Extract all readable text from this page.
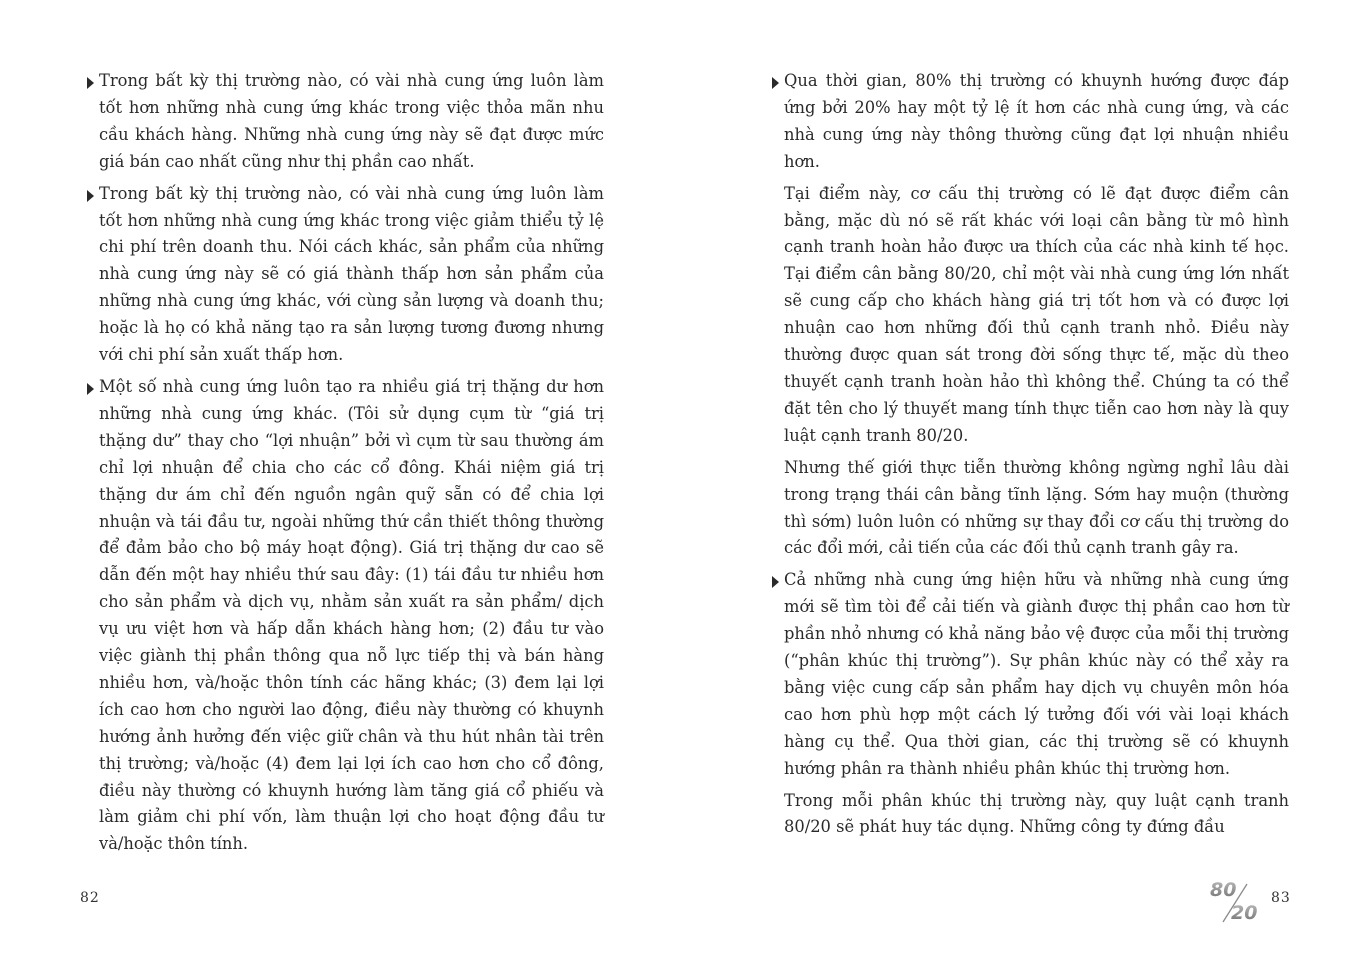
Trong bất kỳ thị trường nào, có vài nhà cung ứng luôn làm tốt hơn những nhà cung ứng khác trong việc thỏa mãn nhu cầu khách hàng. Những nhà cung ứng này sẽ đạt được mức giá bán cao nhất cũng như thị phần cao nhất.

Trong bất kỳ thị trường nào, có vài nhà cung ứng luôn làm tốt hơn những nhà cung ứng khác trong việc giảm thiểu tỷ lệ chi phí trên doanh thu. Nói cách khác, sản phẩm của những nhà cung ứng này sẽ có giá thành thấp hơn sản phẩm của những nhà cung ứng khác, với cùng sản lượng và doanh thu; hoặc là họ có khả năng tạo ra sản lượng tương đương nhưng với chi phí sản xuất thấp hơn.

Một số nhà cung ứng luôn tạo ra nhiều giá trị thặng dư hơn những nhà cung ứng khác. (Tôi sử dụng cụm từ “giá trị thặng dư” thay cho “lợi nhuận” bởi vì cụm từ sau thường ám chỉ lợi nhuận để chia cho các cổ đông. Khái niệm giá trị thặng dư ám chỉ đến nguồn ngân quỹ sẵn có để chia lợi nhuận và tái đầu tư, ngoài những thứ cần thiết thông thường để đảm bảo cho bộ máy hoạt động). Giá trị thặng dư cao sẽ dẫn đến một hay nhiều thứ sau đây: (1) tái đầu tư nhiều hơn cho sản phẩm và dịch vụ, nhằm sản xuất ra sản phẩm/ dịch vụ ưu việt hơn và hấp dẫn khách hàng hơn; (2) đầu tư vào việc giành thị phần thông qua nỗ lực tiếp thị và bán hàng nhiều hơn, và/hoặc thôn tính các hãng khác; (3) đem lại lợi ích cao hơn cho người lao động, điều này thường có khuynh hướng ảnh hưởng đến việc giữ chân và thu hút nhân tài trên thị trường; và/hoặc (4) đem lại lợi ích cao hơn cho cổ đông, điều này thường có khuynh hướng làm tăng giá cổ phiếu và làm giảm chi phí vốn, làm thuận lợi cho hoạt động đầu tư và/hoặc thôn tính.

82

Qua thời gian, 80% thị trường có khuynh hướng được đáp ứng bởi 20% hay một tỷ lệ ít hơn các nhà cung ứng, và các nhà cung ứng này thông thường cũng đạt lợi nhuận nhiều hơn.

Tại điểm này, cơ cấu thị trường có lẽ đạt được điểm cân bằng, mặc dù nó sẽ rất khác với loại cân bằng từ mô hình cạnh tranh hoàn hảo được ưa thích của các nhà kinh tế học. Tại điểm cân bằng 80/20, chỉ một vài nhà cung ứng lớn nhất sẽ cung cấp cho khách hàng giá trị tốt hơn và có được lợi nhuận cao hơn những đối thủ cạnh tranh nhỏ. Điều này thường được quan sát trong đời sống thực tế, mặc dù theo thuyết cạnh tranh hoàn hảo thì không thể. Chúng ta có thể đặt tên cho lý thuyết mang tính thực tiễn cao hơn này là quy luật cạnh tranh 80/20.

Nhưng thế giới thực tiễn thường không ngừng nghỉ lâu dài trong trạng thái cân bằng tĩnh lặng. Sớm hay muộn (thường thì sớm) luôn luôn có những sự thay đổi cơ cấu thị trường do các đổi mới, cải tiến của các đối thủ cạnh tranh gây ra.

Cả những nhà cung ứng hiện hữu và những nhà cung ứng mới sẽ tìm tòi để cải tiến và giành được thị phần cao hơn từ phần nhỏ nhưng có khả năng bảo vệ được của mỗi thị trường (“phân khúc thị trường”). Sự phân khúc này có thể xảy ra bằng việc cung cấp sản phẩm hay dịch vụ chuyên môn hóa cao hơn phù hợp một cách lý tưởng đối với vài loại khách hàng cụ thể. Qua thời gian, các thị trường sẽ có khuynh hướng phân ra thành nhiều phân khúc thị trường hơn.

Trong mỗi phân khúc thị trường này, quy luật cạnh tranh 80/20 sẽ phát huy tác dụng. Những công ty đứng đầu

80
20
83
